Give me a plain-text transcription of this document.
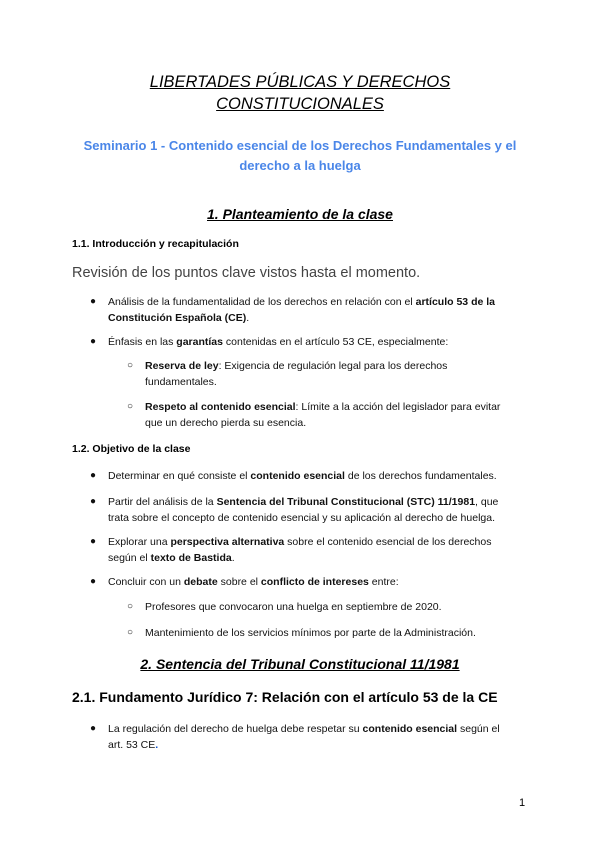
LIBERTADES PÚBLICAS Y DERECHOS
CONSTITUCIONALES
Seminario 1 - Contenido esencial de los Derechos Fundamentales y el
derecho a la huelga
1. Planteamiento de la clase
1.1. Introducción y recapitulación
Revisión de los puntos clave vistos hasta el momento.
● Análisis de la fundamentalidad de los derechos en relación con el artículo 53 de la
Constitución Española (CE).
● Énfasis en las garantías contenidas en el artículo 53 CE, especialmente:
○ Reserva de ley: Exigencia de regulación legal para los derechos
fundamentales.
○ Respeto al contenido esencial: Límite a la acción del legislador para evitar
que un derecho pierda su esencia.
1.2. Objetivo de la clase
● Determinar en qué consiste el contenido esencial de los derechos fundamentales.
● Partir del análisis de la Sentencia del Tribunal Constitucional (STC) 11/1981, que
trata sobre el concepto de contenido esencial y su aplicación al derecho de huelga.
● Explorar una perspectiva alternativa sobre el contenido esencial de los derechos
según el texto de Bastida.
● Concluir con un debate sobre el conflicto de intereses entre:
○ Profesores que convocaron una huelga en septiembre de 2020.
○ Mantenimiento de los servicios mínimos por parte de la Administración.
2. Sentencia del Tribunal Constitucional 11/1981
2.1. Fundamento Jurídico 7: Relación con el artículo 53 de la CE
● La regulación del derecho de huelga debe respetar su contenido esencial según el
art. 53 CE.
1
